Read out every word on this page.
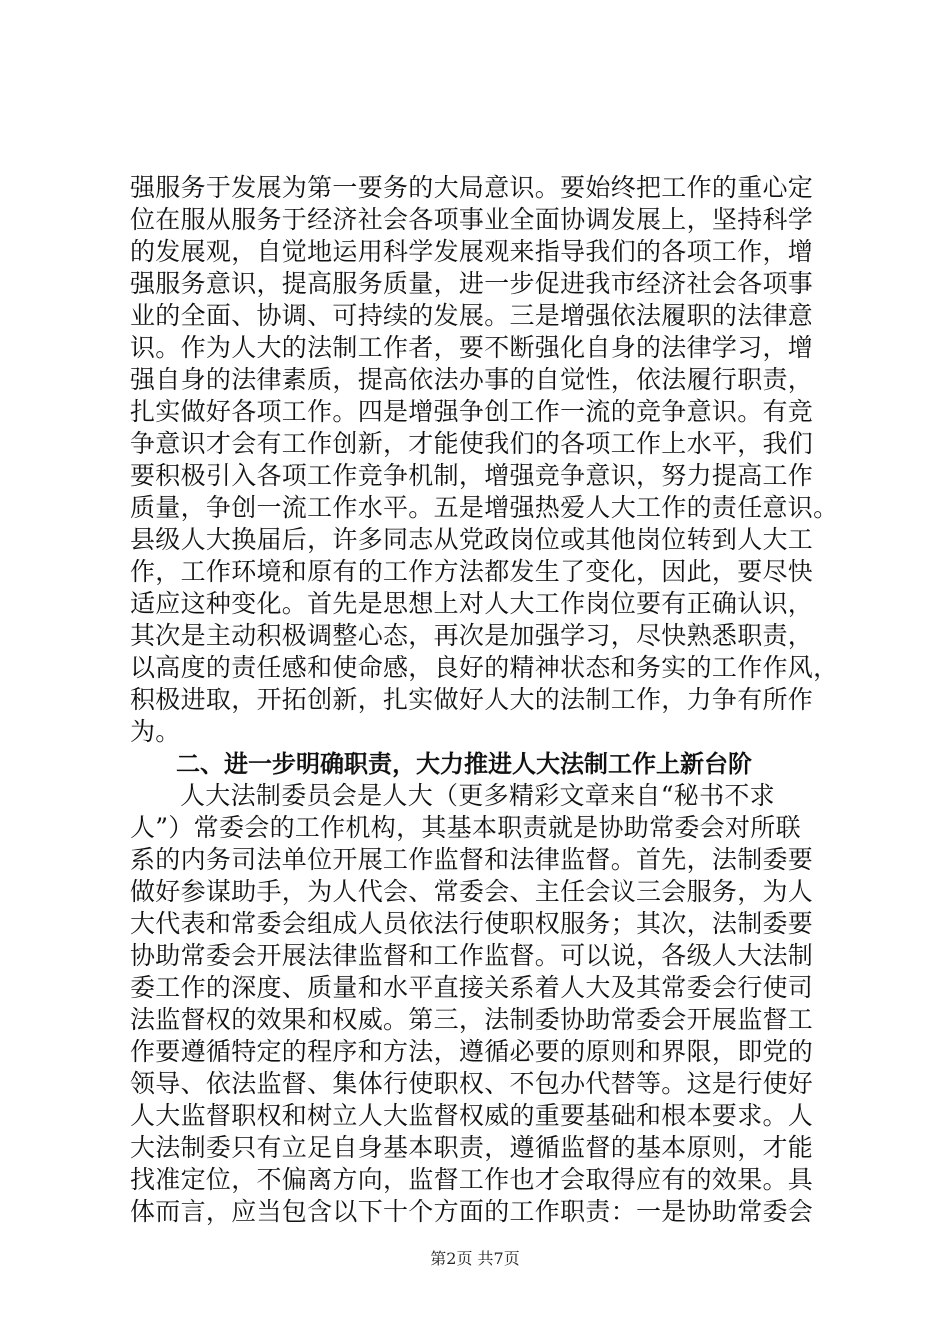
强服务于发展为第一要务的大局意识。要始终把工作的重心定
位在服从服务于经济社会各项事业全面协调发展上，坚持科学
的发展观，自觉地运用科学发展观来指导我们的各项工作，增
强服务意识，提高服务质量，进一步促进我市经济社会各项事
业的全面、协调、可持续的发展。三是增强依法履职的法律意
识。作为人大的法制工作者，要不断强化自身的法律学习，增
强自身的法律素质，提高依法办事的自觉性，依法履行职责，
扎实做好各项工作。四是增强争创工作一流的竞争意识。有竞
争意识才会有工作创新，才能使我们的各项工作上水平，我们
要积极引入各项工作竞争机制，增强竞争意识，努力提高工作
质量，争创一流工作水平。五是增强热爱人大工作的责任意识。
县级人大换届后，许多同志从党政岗位或其他岗位转到人大工
作，工作环境和原有的工作方法都发生了变化，因此，要尽快
适应这种变化。首先是思想上对人大工作岗位要有正确认识，
其次是主动积极调整心态，再次是加强学习，尽快熟悉职责，
以高度的责任感和使命感，良好的精神状态和务实的工作作风，
积极进取，开拓创新，扎实做好人大的法制工作，力争有所作
为。
二、进一步明确职责，大力推进人大法制工作上新台阶
人大法制委员会是人大（更多精彩文章来自“秘书不求
人”）常委会的工作机构，其基本职责就是协助常委会对所联
系的内务司法单位开展工作监督和法律监督。首先，法制委要
做好参谋助手，为人代会、常委会、主任会议三会服务，为人
大代表和常委会组成人员依法行使职权服务；其次，法制委要
协助常委会开展法律监督和工作监督。可以说，各级人大法制
委工作的深度、质量和水平直接关系着人大及其常委会行使司
法监督权的效果和权威。第三，法制委协助常委会开展监督工
作要遵循特定的程序和方法，遵循必要的原则和界限，即党的
领导、依法监督、集体行使职权、不包办代替等。这是行使好
人大监督职权和树立人大监督权威的重要基础和根本要求。人
大法制委只有立足自身基本职责，遵循监督的基本原则，才能
找准定位，不偏离方向，监督工作也才会取得应有的效果。具
体而言，应当包含以下十个方面的工作职责：一是协助常委会
第2页 共7页
